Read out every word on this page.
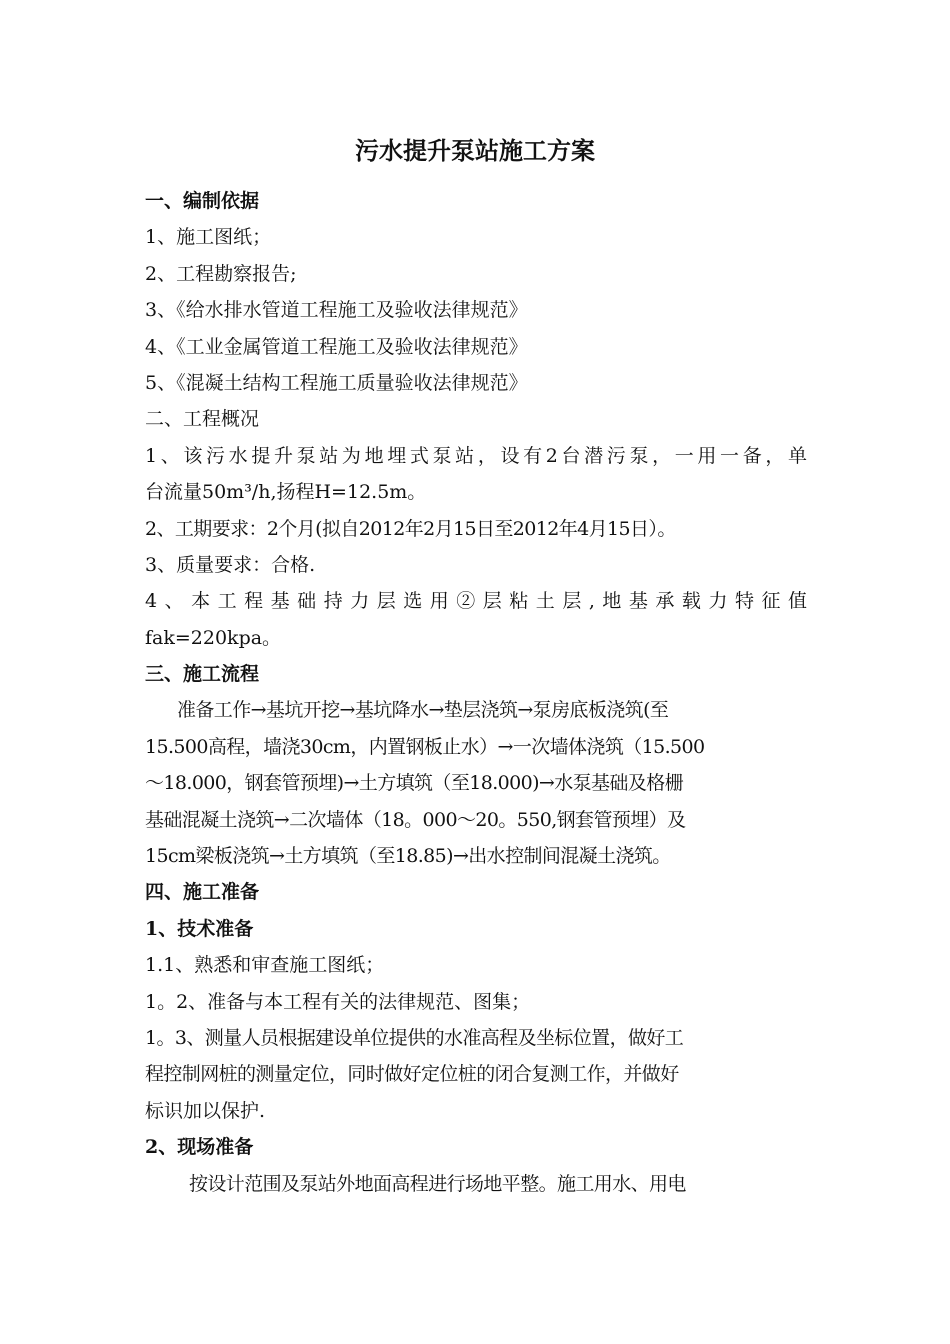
污水提升泵站施工方案
一、编制依据
1、施工图纸；
2、工程勘察报告;
3、《给水排水管道工程施工及验收法律规范》
4、《工业金属管道工程施工及验收法律规范》
5、《混凝土结构工程施工质量验收法律规范》
二、工程概况
1、该污水提升泵站为地埋式泵站，设有2台潜污泵，一用一备，单
台流量50m³/h,扬程H=12.5m。
2、工期要求：2个月(拟自2012年2月15日至2012年4月15日）。
3、质量要求：合格.
4、本工程基础持力层选用②层粘土层,地基承载力特征值
fak=220kpa。
三、施工流程
准备工作→基坑开挖→基坑降水→垫层浇筑→泵房底板浇筑(至
15.500高程，墙浇30cm，内置钢板止水）→一次墙体浇筑（15.500
～18.000，钢套管预埋)→土方填筑（至18.000)→水泵基础及格栅
基础混凝土浇筑→二次墙体（18。000～20。550,钢套管预埋）及
15cm梁板浇筑→土方填筑（至18.85)→出水控制间混凝土浇筑。
四、施工准备
1、技术准备
1.1、熟悉和审查施工图纸；
1。2、准备与本工程有关的法律规范、图集；
1。3、测量人员根据建设单位提供的水准高程及坐标位置，做好工
程控制网桩的测量定位，同时做好定位桩的闭合复测工作，并做好
标识加以保护.
2、现场准备
按设计范围及泵站外地面高程进行场地平整。施工用水、用电
